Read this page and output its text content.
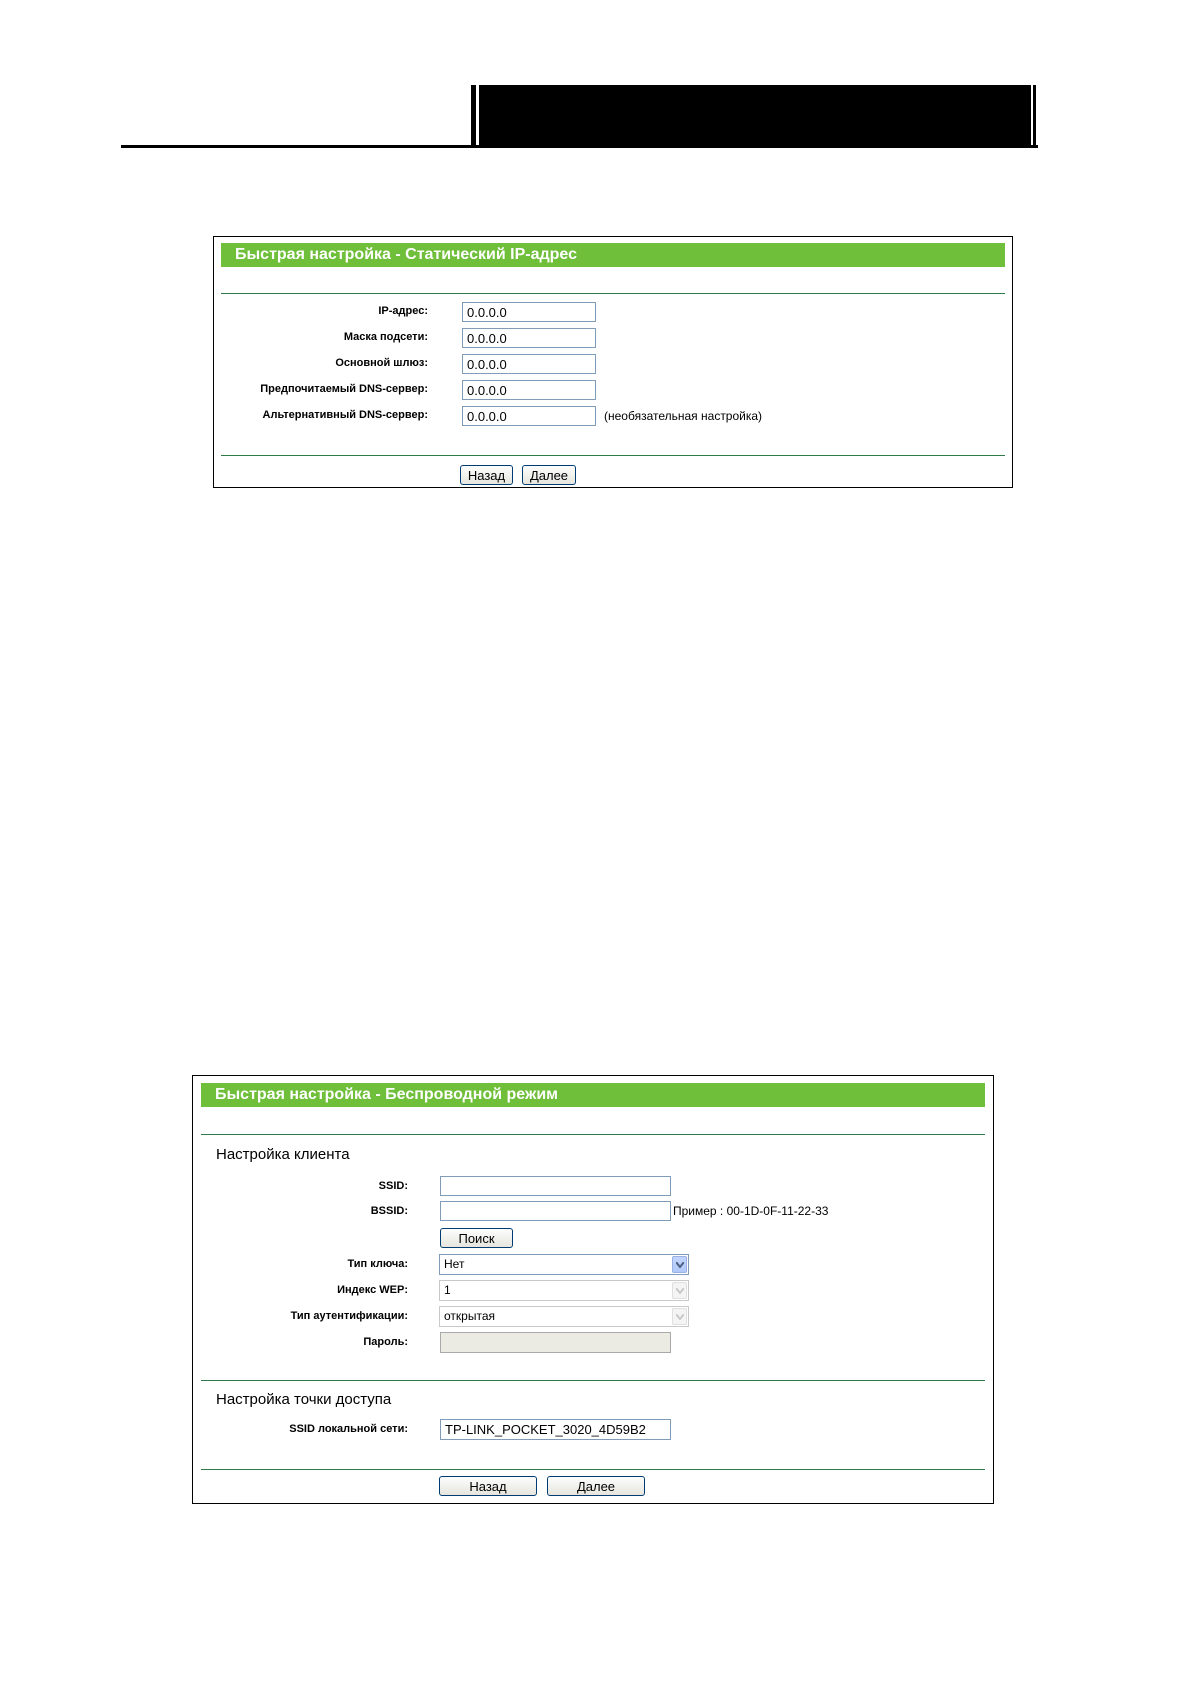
Быстрая настройка - Статический IP-адрес
IP-адрес:
0.0.0.0
Маска подсети:
0.0.0.0
Основной шлюз:
0.0.0.0
Предпочитаемый DNS-сервер:
0.0.0.0
Альтернативный DNS-сервер:
0.0.0.0	(необязательная настройка)
Назад	Далее
Быстрая настройка - Беспроводной режим
Настройка клиента
SSID:
BSSID:	Пример : 00-1D-0F-11-22-33
Поиск
Тип ключа:	Нет
Индекс WEP:	1
Тип аутентификации:	открытая
Пароль:
Настройка точки доступа
SSID локальной сети:
TP-LINK_POCKET_3020_4D59B2
Назад	Далее
